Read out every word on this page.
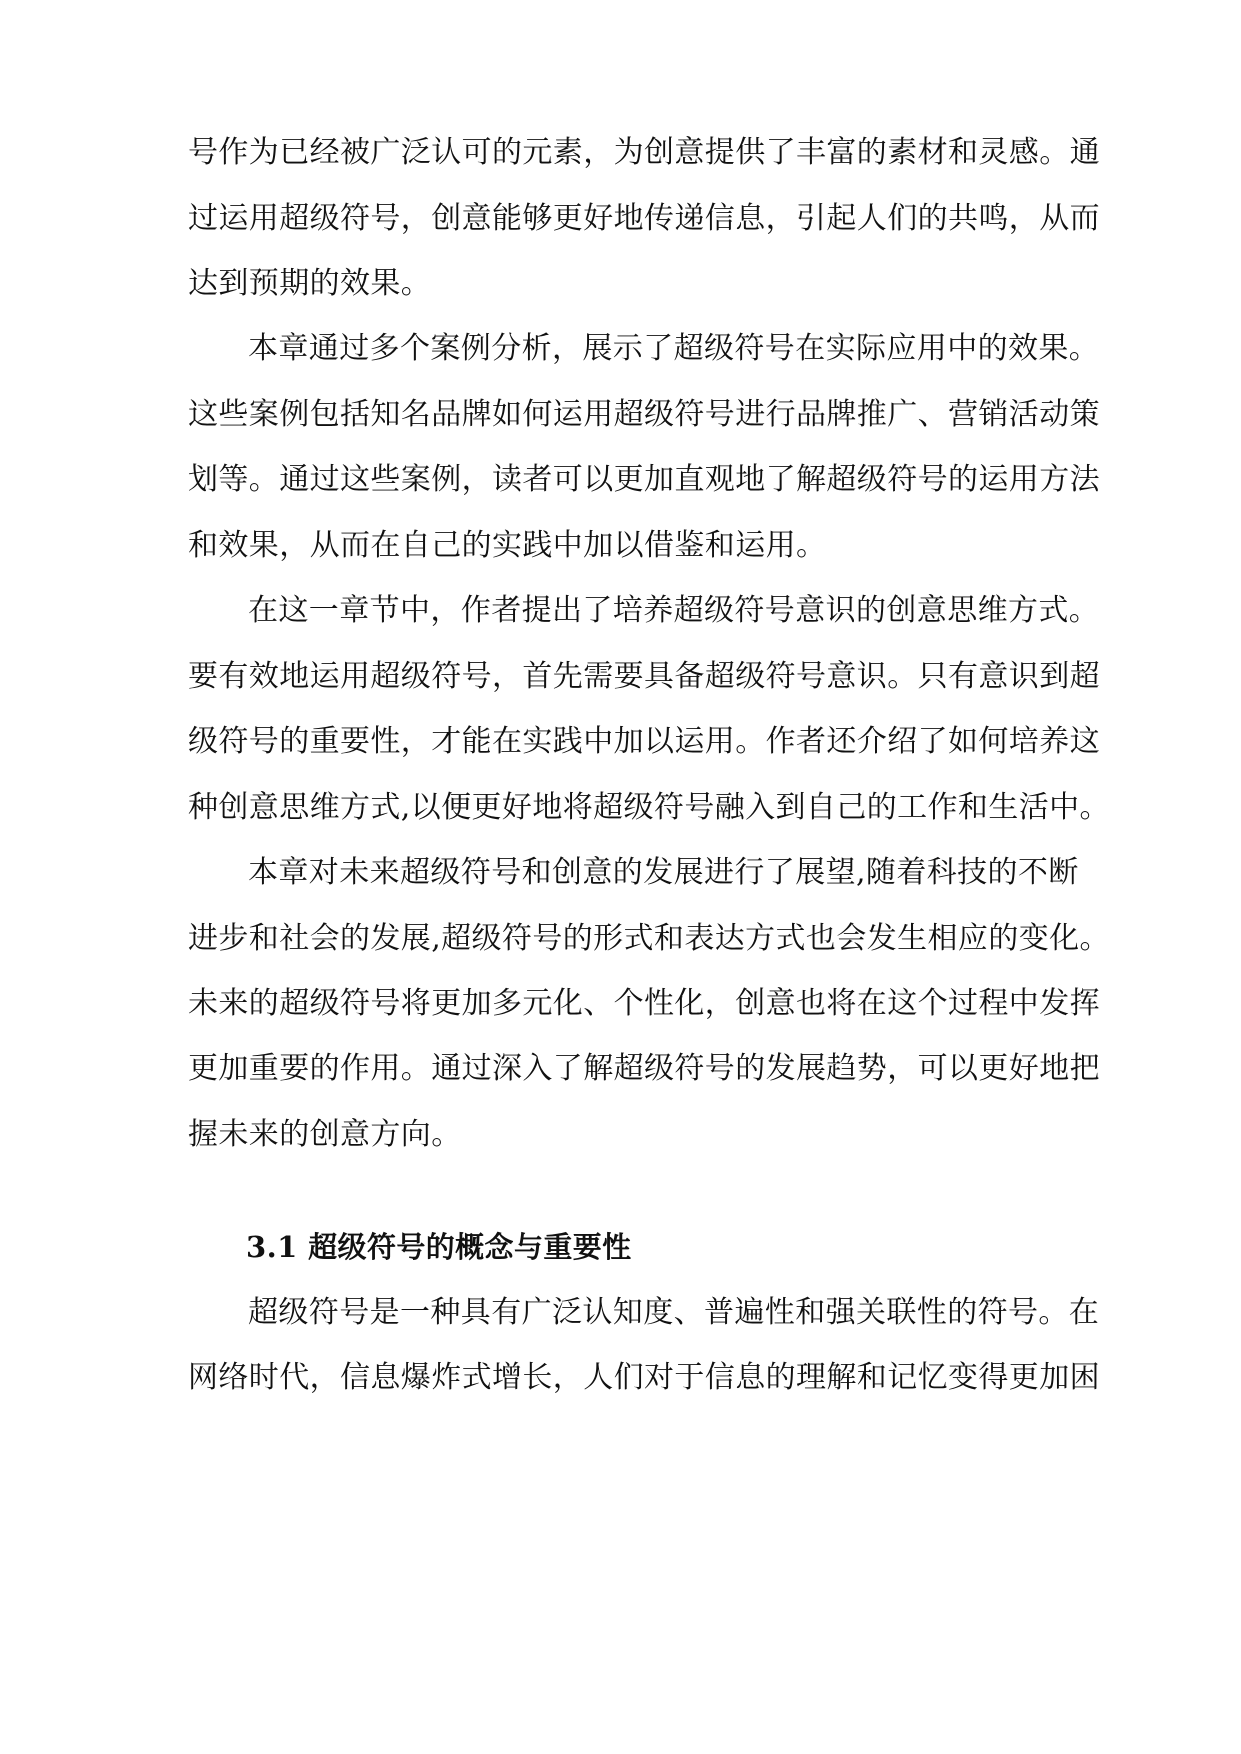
号作为已经被广泛认可的元素，为创意提供了丰富的素材和灵感。通
过运用超级符号，创意能够更好地传递信息，引起人们的共鸣，从而
达到预期的效果。
本章通过多个案例分析，展示了超级符号在实际应用中的效果。
这些案例包括知名品牌如何运用超级符号进行品牌推广、营销活动策
划等。通过这些案例，读者可以更加直观地了解超级符号的运用方法
和效果，从而在自己的实践中加以借鉴和运用。
在这一章节中，作者提出了培养超级符号意识的创意思维方式。
要有效地运用超级符号，首先需要具备超级符号意识。只有意识到超
级符号的重要性，才能在实践中加以运用。作者还介绍了如何培养这
种创意思维方式,以便更好地将超级符号融入到自己的工作和生活中。
本章对未来超级符号和创意的发展进行了展望,随着科技的不断
进步和社会的发展,超级符号的形式和表达方式也会发生相应的变化。
未来的超级符号将更加多元化、个性化，创意也将在这个过程中发挥
更加重要的作用。通过深入了解超级符号的发展趋势，可以更好地把
握未来的创意方向。
3.1 超级符号的概念与重要性
超级符号是一种具有广泛认知度、普遍性和强关联性的符号。在
网络时代，信息爆炸式增长，人们对于信息的理解和记忆变得更加困
